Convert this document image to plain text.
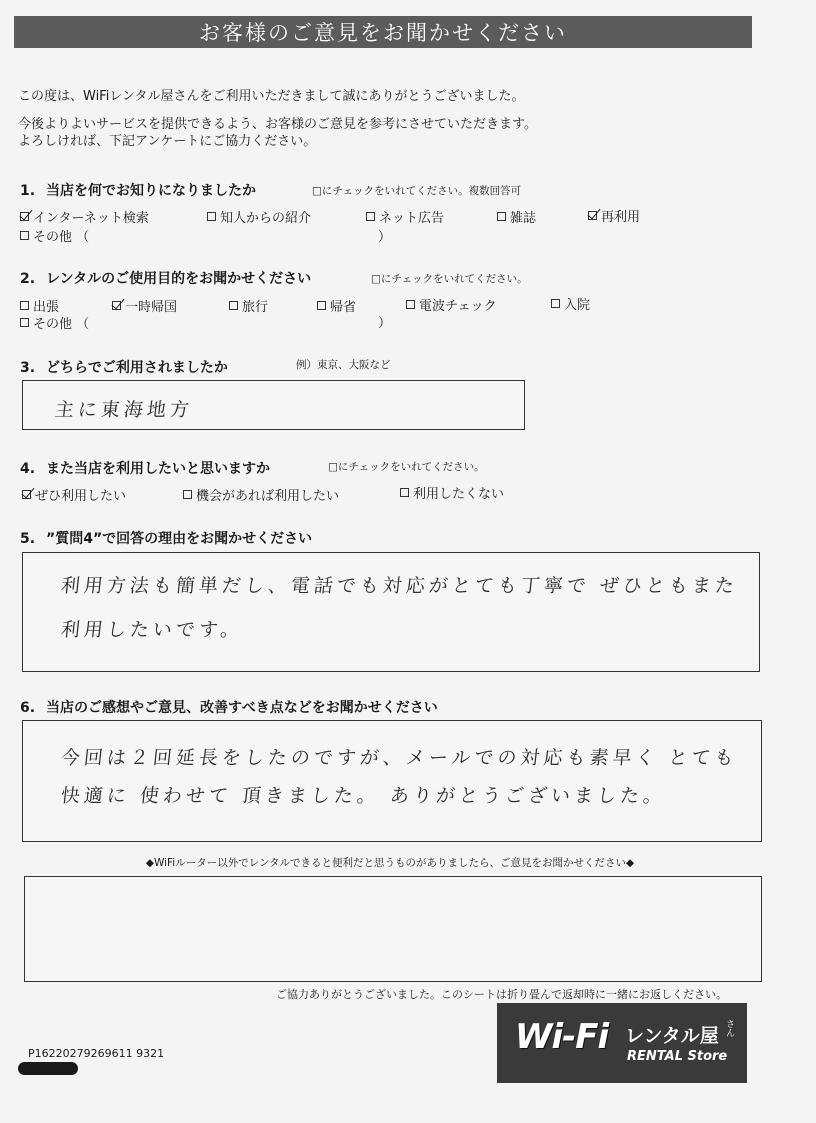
お客様のご意見をお聞かせください
この度は、WiFiレンタル屋さんをご利用いただきまして誠にありがとうございました。
今後よりよいサービスを提供できるよう、お客様のご意見を参考にさせていただきます。
よろしければ、下記アンケートにご協力ください。
1. 当店を何でお知りになりましたか	□にチェックをいれてください。複数回答可
インターネット検索	知人からの紹介	ネット広告	雑誌	再利用
その他 （	）
2. レンタルのご使用目的をお聞かせください	□にチェックをいれてください。
出張	一時帰国	旅行	帰省	電波チェック	入院
その他 （	）
3. どちらでご利用されましたか	例）東京、大阪など
主に東海地方
4. また当店を利用したいと思いますか	□にチェックをいれてください。
ぜひ利用したい	機会があれば利用したい	利用したくない
5. ”質問4”で回答の理由をお聞かせください
利用方法も簡単だし、電話でも対応がとても丁寧で ぜひともまた
利用したいです。
6. 当店のご感想やご意見、改善すべき点などをお聞かせください
今回は２回延長をしたのですが、メールでの対応も素早く とても
快適に 使わせて 頂きました。 ありがとうございました。
◆WiFiルーター以外でレンタルできると便利だと思うものがありましたら、ご意見をお聞かせください◆
ご協力ありがとうございました。このシートは折り畳んで返却時に一緒にお返しください。
P16220279269611 9321	Wi-Fi レンタル屋 さん
RENTAL Store
